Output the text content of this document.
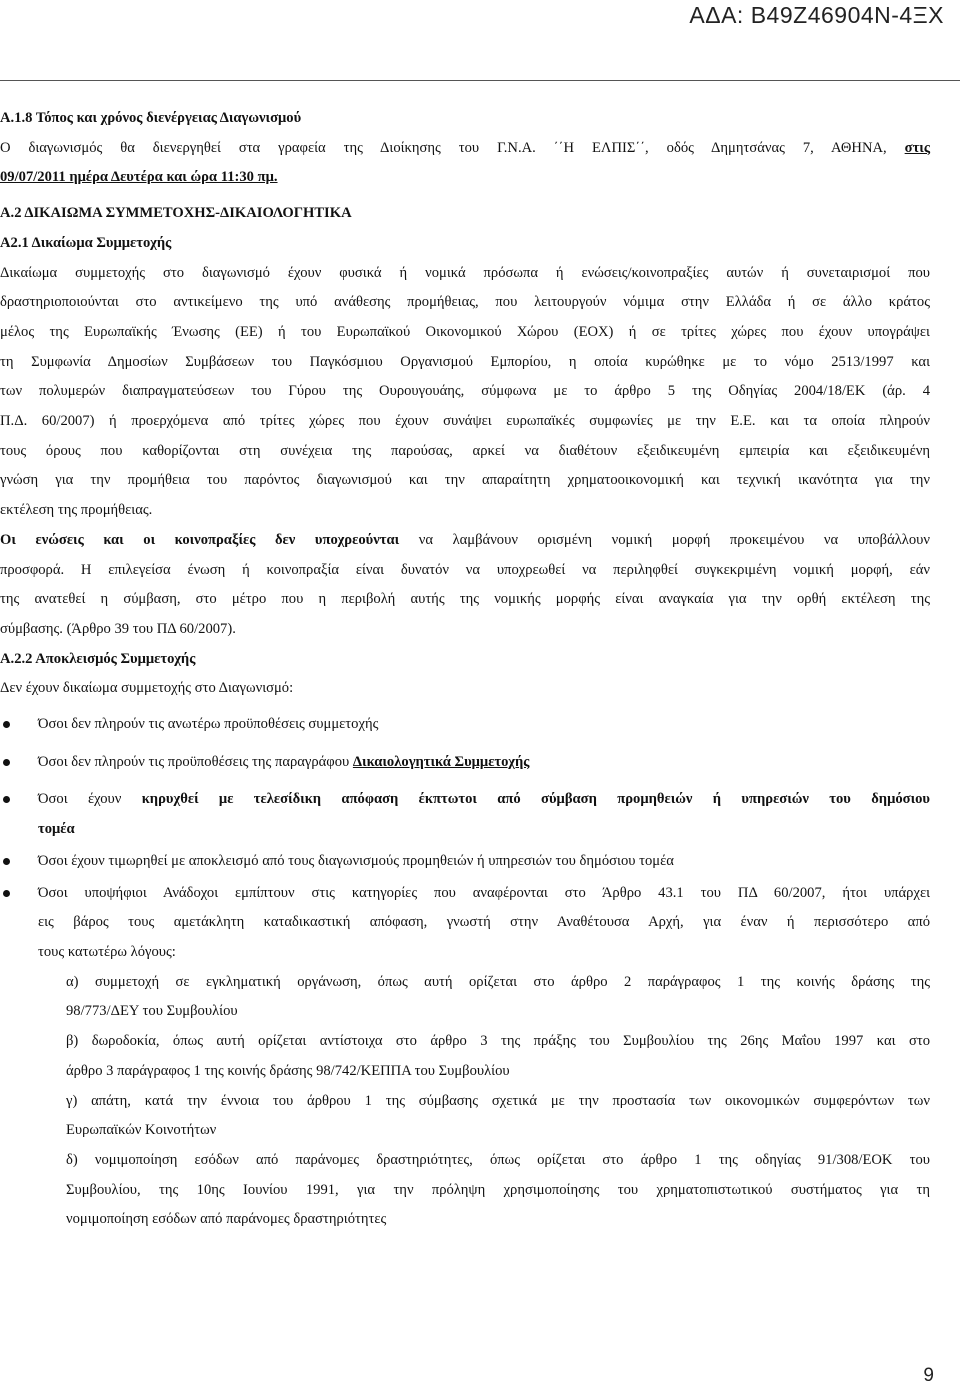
ΑΔΑ: Β49Ζ46904Ν-4ΞΧ

Α.1.8 Τόπος και χρόνος διενέργειας Διαγωνισμού

Ο διαγωνισμός θα διενεργηθεί στα γραφεία της Διοίκησης του Γ.Ν.Α. ΄΄Η ΕΛΠΙΣ΄΄, οδός Δημητσάνας 7, ΑΘΗΝΑ, στις

09/07/2011 ημέρα Δευτέρα και ώρα 11:30 πμ.

Α.2 ΔΙΚΑΙΩΜΑ ΣΥΜΜΕΤΟΧΗΣ-ΔΙΚΑΙΟΛΟΓΗΤΙΚΑ

Α2.1 Δικαίωμα Συμμετοχής

Δικαίωμα συμμετοχής στο διαγωνισμό έχουν φυσικά ή νομικά πρόσωπα ή ενώσεις/κοινοπραξίες αυτών ή συνεταιρισμοί που

δραστηριοποιούνται στο αντικείμενο της υπό ανάθεσης προμήθειας, που λειτουργούν νόμιμα στην Ελλάδα ή σε άλλο κράτος

μέλος της Ευρωπαϊκής Ένωσης (ΕΕ) ή του Ευρωπαϊκού Οικονομικού Χώρου (ΕΟΧ) ή σε τρίτες χώρες που έχουν υπογράψει

τη Συμφωνία Δημοσίων Συμβάσεων του Παγκόσμιου Οργανισμού Εμπορίου, η οποία κυρώθηκε με το νόμο 2513/1997 και

των πολυμερών διαπραγματεύσεων του Γύρου της Ουρουγουάης, σύμφωνα με το άρθρο 5 της Οδηγίας 2004/18/ΕΚ (άρ. 4

Π.Δ. 60/2007) ή προερχόμενα από τρίτες χώρες που έχουν συνάψει ευρωπαϊκές συμφωνίες με την Ε.Ε. και τα οποία πληρούν

τους όρους που καθορίζονται στη συνέχεια της παρούσας, αρκεί να διαθέτουν εξειδικευμένη εμπειρία και εξειδικευμένη

γνώση για την προμήθεια του παρόντος διαγωνισμού και την απαραίτητη χρηματοοικονομική και τεχνική ικανότητα για την

εκτέλεση της προμήθειας.

Οι ενώσεις και οι κοινοπραξίες δεν υποχρεούνται να λαμβάνουν ορισμένη νομική μορφή προκειμένου να υποβάλλουν

προσφορά. Η επιλεγείσα ένωση ή κοινοπραξία είναι δυνατόν να υποχρεωθεί να περιληφθεί συγκεκριμένη νομική μορφή, εάν

της ανατεθεί η σύμβαση, στο μέτρο που η περιβολή αυτής της νομικής μορφής είναι αναγκαία για την ορθή εκτέλεση της

σύμβασης. (Άρθρο 39 του ΠΔ 60/2007).

Α.2.2 Αποκλεισμός Συμμετοχής

Δεν έχουν δικαίωμα συμμετοχής στο Διαγωνισμό:

Όσοι δεν πληρούν τις ανωτέρω προϋποθέσεις συμμετοχής

Όσοι δεν πληρούν τις προϋποθέσεις της παραγράφου Δικαιολογητικά Συμμετοχής

Όσοι έχουν κηρυχθεί με τελεσίδικη απόφαση έκπτωτοι από σύμβαση προμηθειών ή υπηρεσιών του δημόσιου

τομέα

Όσοι έχουν τιμωρηθεί με αποκλεισμό από τους διαγωνισμούς προμηθειών ή υπηρεσιών του δημόσιου τομέα

Όσοι υποψήφιοι Ανάδοχοι εμπίπτουν στις κατηγορίες που αναφέρονται στο Άρθρο 43.1 του ΠΔ 60/2007, ήτοι υπάρχει

εις βάρος τους αμετάκλητη καταδικαστική απόφαση, γνωστή στην Αναθέτουσα Αρχή, για έναν ή περισσότερο από

τους κατωτέρω λόγους:

α) συμμετοχή σε εγκληματική οργάνωση, όπως αυτή ορίζεται στο άρθρο 2 παράγραφος 1 της κοινής δράσης της

98/773/ΔΕΥ του Συμβουλίου

β) δωροδοκία, όπως αυτή ορίζεται αντίστοιχα στο άρθρο 3 της πράξης του Συμβουλίου της 26ης Μαΐου 1997 και στο

άρθρο 3 παράγραφος 1 της κοινής δράσης 98/742/ΚΕΠΠΑ του Συμβουλίου

γ) απάτη, κατά την έννοια του άρθρου 1 της σύμβασης σχετικά με την προστασία των οικονομικών συμφερόντων των

Ευρωπαϊκών Κοινοτήτων

δ) νομιμοποίηση εσόδων από παράνομες δραστηριότητες, όπως ορίζεται στο άρθρο 1 της οδηγίας 91/308/ΕΟΚ του

Συμβουλίου, της 10ης Ιουνίου 1991, για την πρόληψη χρησιμοποίησης του χρηματοπιστωτικού συστήματος για τη

νομιμοποίηση εσόδων από παράνομες δραστηριότητες

9
